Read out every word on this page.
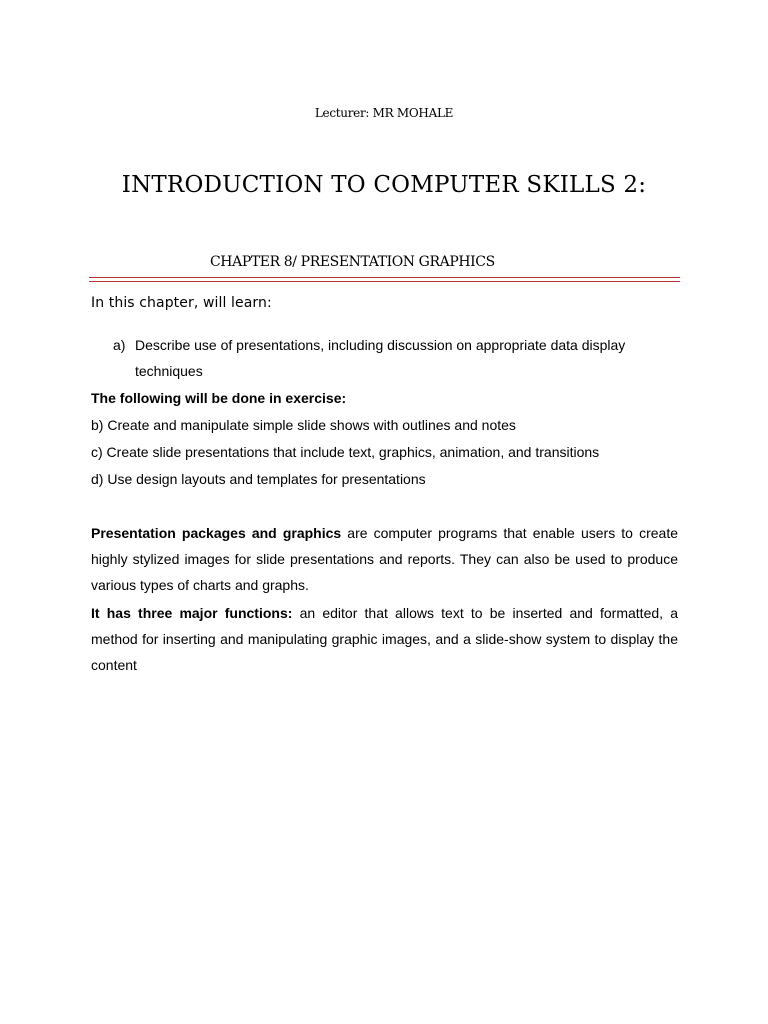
Lecturer: MR MOHALE
INTRODUCTION TO COMPUTER SKILLS 2:
CHAPTER 8/ PRESENTATION GRAPHICS
In this chapter, will learn:
a) Describe use of presentations, including discussion on appropriate data display techniques
The following will be done in exercise:
b) Create and manipulate simple slide shows with outlines and notes
c) Create slide presentations that include text, graphics, animation, and transitions
d) Use design layouts and templates for presentations

Presentation packages and graphics are computer programs that enable users to create highly stylized images for slide presentations and reports. They can also be used to produce various types of charts and graphs.

It has three major functions: an editor that allows text to be inserted and formatted, a method for inserting and manipulating graphic images, and a slide-show system to display the content
